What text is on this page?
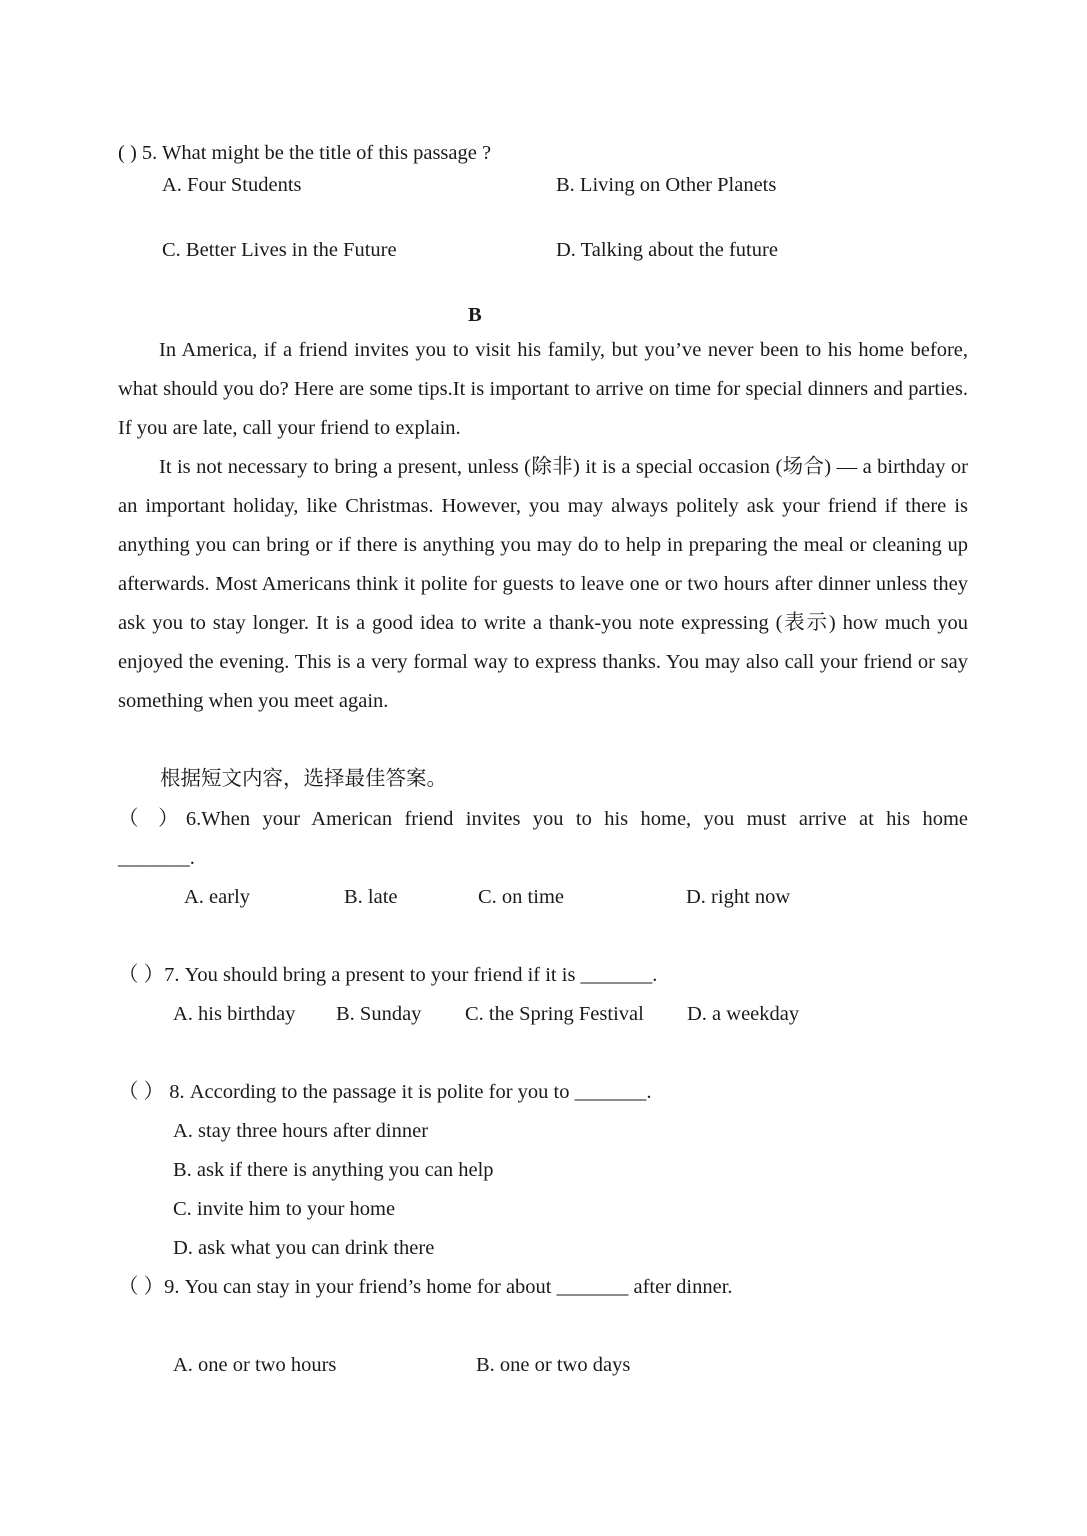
( ) 5. What might be the title of this passage ?
A. Four Students	B. Living on Other Planets
C. Better Lives in the Future	D. Talking about the future
B

In America, if a friend invites you to visit his family, but you’ve never been to his home before, what should you do? Here are some tips.It is important to arrive on time for special dinners and parties. If you are late, call your friend to explain.

It is not necessary to bring a present, unless (除非) it is a special occasion (场合) — a birthday or an important holiday, like Christmas. However, you may always politely ask your friend if there is anything you can bring or if there is anything you may do to help in preparing the meal or cleaning up afterwards. Most Americans think it polite for guests to leave one or two hours after dinner unless they ask you to stay longer. It is a good idea to write a thank-you note expressing (表示) how much you enjoyed the evening. This is a very formal way to express thanks. You may also call your friend or say something when you meet again.

根据短文内容，选择最佳答案。
（ ）6.When your American friend invites you to his home, you must arrive at his home
_______.
A. early	B. late	C. on time	D. right now
（ ）7. You should bring a present to your friend if it is _______.
A. his birthday B. Sunday C. the Spring Festival D. a weekday
（ ） 8. According to the passage it is polite for you to _______.
A. stay three hours after dinner
B. ask if there is anything you can help
C. invite him to your home
D. ask what you can drink there
（ ）9. You can stay in your friend’s home for about _______ after dinner.
A. one or two hours	B. one or two days
